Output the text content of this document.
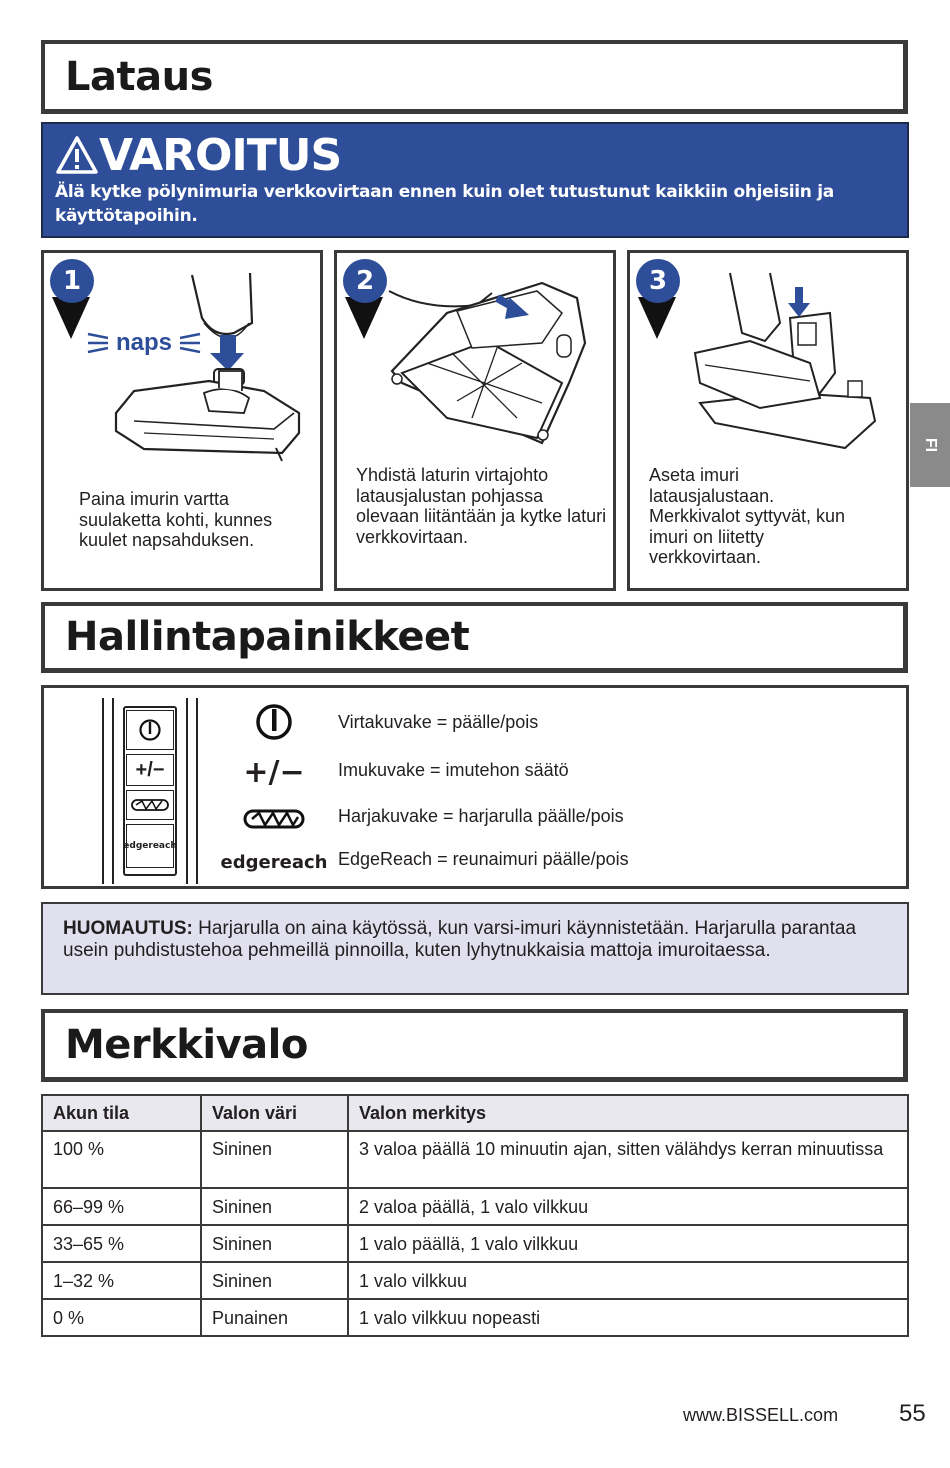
Lataus
VAROITUS

Älä kytke pölynimuria verkkovirtaan ennen kuin olet tutustunut kaikkiin ohjeisiin ja käyttötapoihin.

1
naps
Paina imurin vartta suulaketta kohti, kunnes kuulet napsahduksen.
2
Yhdistä laturin virtajohto latausjalustan pohjassa olevaan liitäntään ja kytke laturi verkkovirtaan.
3
Aseta imuri latausjalustaan. Merkkivalot syttyvät, kun imuri on liitetty verkkovirtaan.
Hallintapainikkeet
+/−
edgereach
Virtakuvake = päälle/pois
+/− Imukuvake = imutehon säätö
Harjakuvake = harjarulla päälle/pois
edgereach EdgeReach = reunaimuri päälle/pois
HUOMAUTUS: Harjarulla on aina käytössä, kun varsi-imuri käynnistetään. Harjarulla parantaa usein puhdistustehoa pehmeillä pinnoilla, kuten lyhytnukkaisia mattoja imuroitaessa.
Merkkivalo
Akun tila	Valon väri	Valon merkitys
100 %	Sininen	3 valoa päällä 10 minuutin ajan, sitten välähdys kerran minuutissa
66–99 %	Sininen	2 valoa päällä, 1 valo vilkkuu
33–65 %	Sininen	1 valo päällä, 1 valo vilkkuu
1–32 %	Sininen	1 valo vilkkuu
0 %	Punainen	1 valo vilkkuu nopeasti
FI
www.BISSELL.com	55
